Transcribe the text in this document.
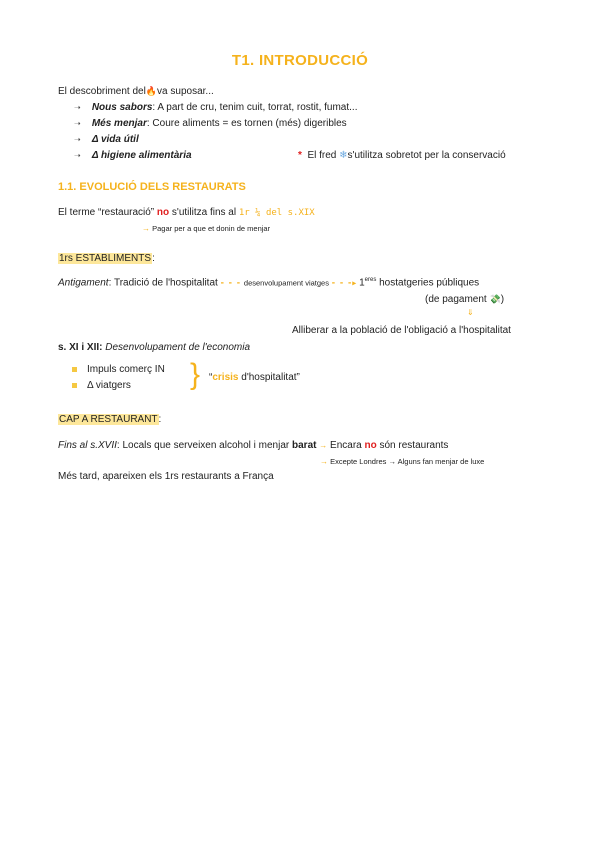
T1. INTRODUCCIÓ
El descobriment del🔥va suposar...
➝ Nous sabors: A part de cru, tenim cuit, torrat, rostit, fumat...
➝ Més menjar: Coure aliments = es tornen (més) digeribles
➝ Δ vida útil
➝ Δ higiene alimentària	* El fred ❄s'utilitza sobretot per la conservació
1.1. EVOLUCIÓ DELS RESTAURATS
El terme “restauració” no s'utilitza fins al 1r ¼ del s.XIX
→ Pagar per a que et donin de menjar
1rs ESTABLIMENTS:
Antigament: Tradició de l'hospitalitat - - - desenvolupament viatges - - -▸ $1^{eres}$ hostatgeries públiques
(de pagament 💸)
⇓
Alliberar a la població de l'obligació a l'hospitalitat
s. XI i XII: Desenvolupament de l'economia
Impuls comerç IN
Δ viatgers } “crisis d'hospitalitat”
CAP A RESTAURANT:
Fins al s.XVII: Locals que serveixen alcohol i menjar barat → Encara no són restaurants
→ Excepte Londres → Alguns fan menjar de luxe
Més tard, apareixen els 1rs restaurants a França
